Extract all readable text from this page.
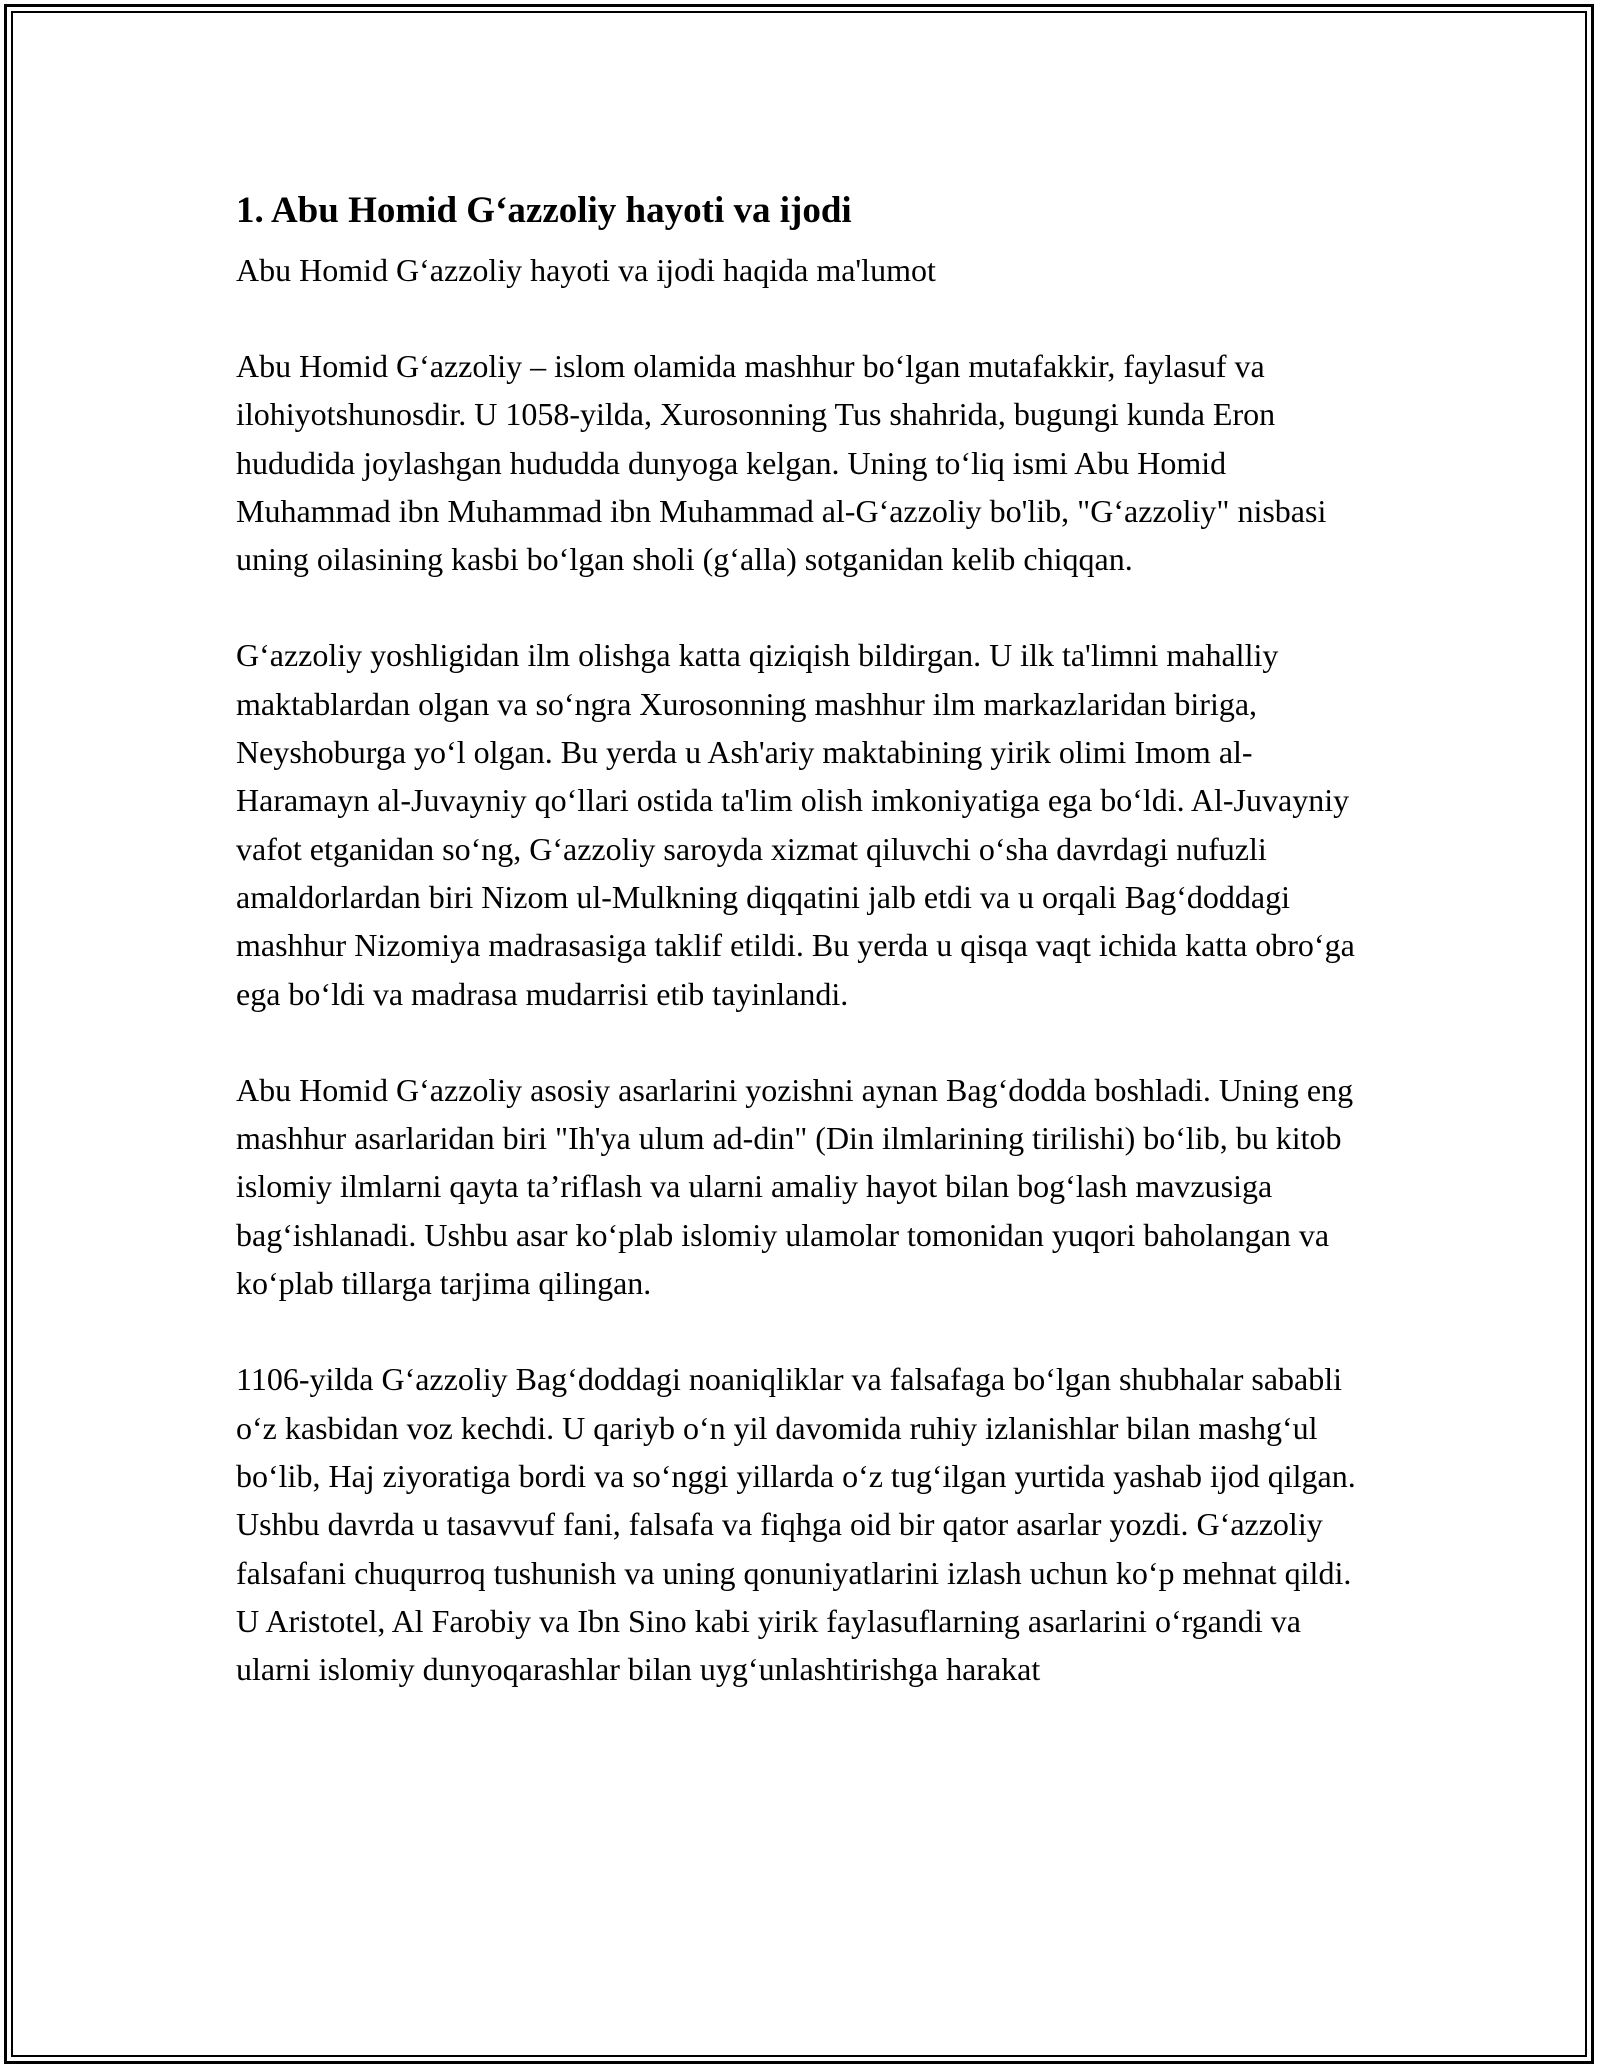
1. Abu Homid G‘azzoliy hayoti va ijodi

Abu Homid G‘azzoliy hayoti va ijodi haqida ma'lumot

Abu Homid G‘azzoliy – islom olamida mashhur bo‘lgan mutafakkir, faylasuf va ilohiyotshunosdir. U 1058-yilda, Xurosonning Tus shahrida, bugungi kunda Eron hududida joylashgan hududda dunyoga kelgan. Uning to‘liq ismi Abu Homid Muhammad ibn Muhammad ibn Muhammad al-G‘azzoliy bo'lib, "G‘azzoliy" nisbasi uning oilasining kasbi bo‘lgan sholi (g‘alla) sotganidan kelib chiqqan.

G‘azzoliy yoshligidan ilm olishga katta qiziqish bildirgan. U ilk ta'limni mahalliy maktablardan olgan va so‘ngra Xurosonning mashhur ilm markazlaridan biriga, Neyshoburga yo‘l olgan. Bu yerda u Ash'ariy maktabining yirik olimi Imom al-Haramayn al-Juvayniy qo‘llari ostida ta'lim olish imkoniyatiga ega bo‘ldi. Al-Juvayniy vafot etganidan so‘ng, G‘azzoliy saroyda xizmat qiluvchi o‘sha davrdagi nufuzli amaldorlardan biri Nizom ul-Mulkning diqqatini jalb etdi va u orqali Bag‘doddagi mashhur Nizomiya madrasasiga taklif etildi. Bu yerda u qisqa vaqt ichida katta obro‘ga ega bo‘ldi va madrasa mudarrisi etib tayinlandi.

Abu Homid G‘azzoliy asosiy asarlarini yozishni aynan Bag‘dodda boshladi. Uning eng mashhur asarlaridan biri "Ih'ya ulum ad-din" (Din ilmlarining tirilishi) bo‘lib, bu kitob islomiy ilmlarni qayta ta’riflash va ularni amaliy hayot bilan bog‘lash mavzusiga bag‘ishlanadi. Ushbu asar ko‘plab islomiy ulamolar tomonidan yuqori baholangan va ko‘plab tillarga tarjima qilingan.

1106-yilda G‘azzoliy Bag‘doddagi noaniqliklar va falsafaga bo‘lgan shubhalar sababli o‘z kasbidan voz kechdi. U qariyb o‘n yil davomida ruhiy izlanishlar bilan mashg‘ul bo‘lib, Haj ziyoratiga bordi va so‘nggi yillarda o‘z tug‘ilgan yurtida yashab ijod qilgan. Ushbu davrda u tasavvuf fani, falsafa va fiqhga oid bir qator asarlar yozdi. G‘azzoliy falsafani chuqurroq tushunish va uning qonuniyatlarini izlash uchun ko‘p mehnat qildi. U Aristotel, Al Farobiy va Ibn Sino kabi yirik faylasuflarning asarlarini o‘rgandi va ularni islomiy dunyoqarashlar bilan uyg‘unlashtirishga harakat
